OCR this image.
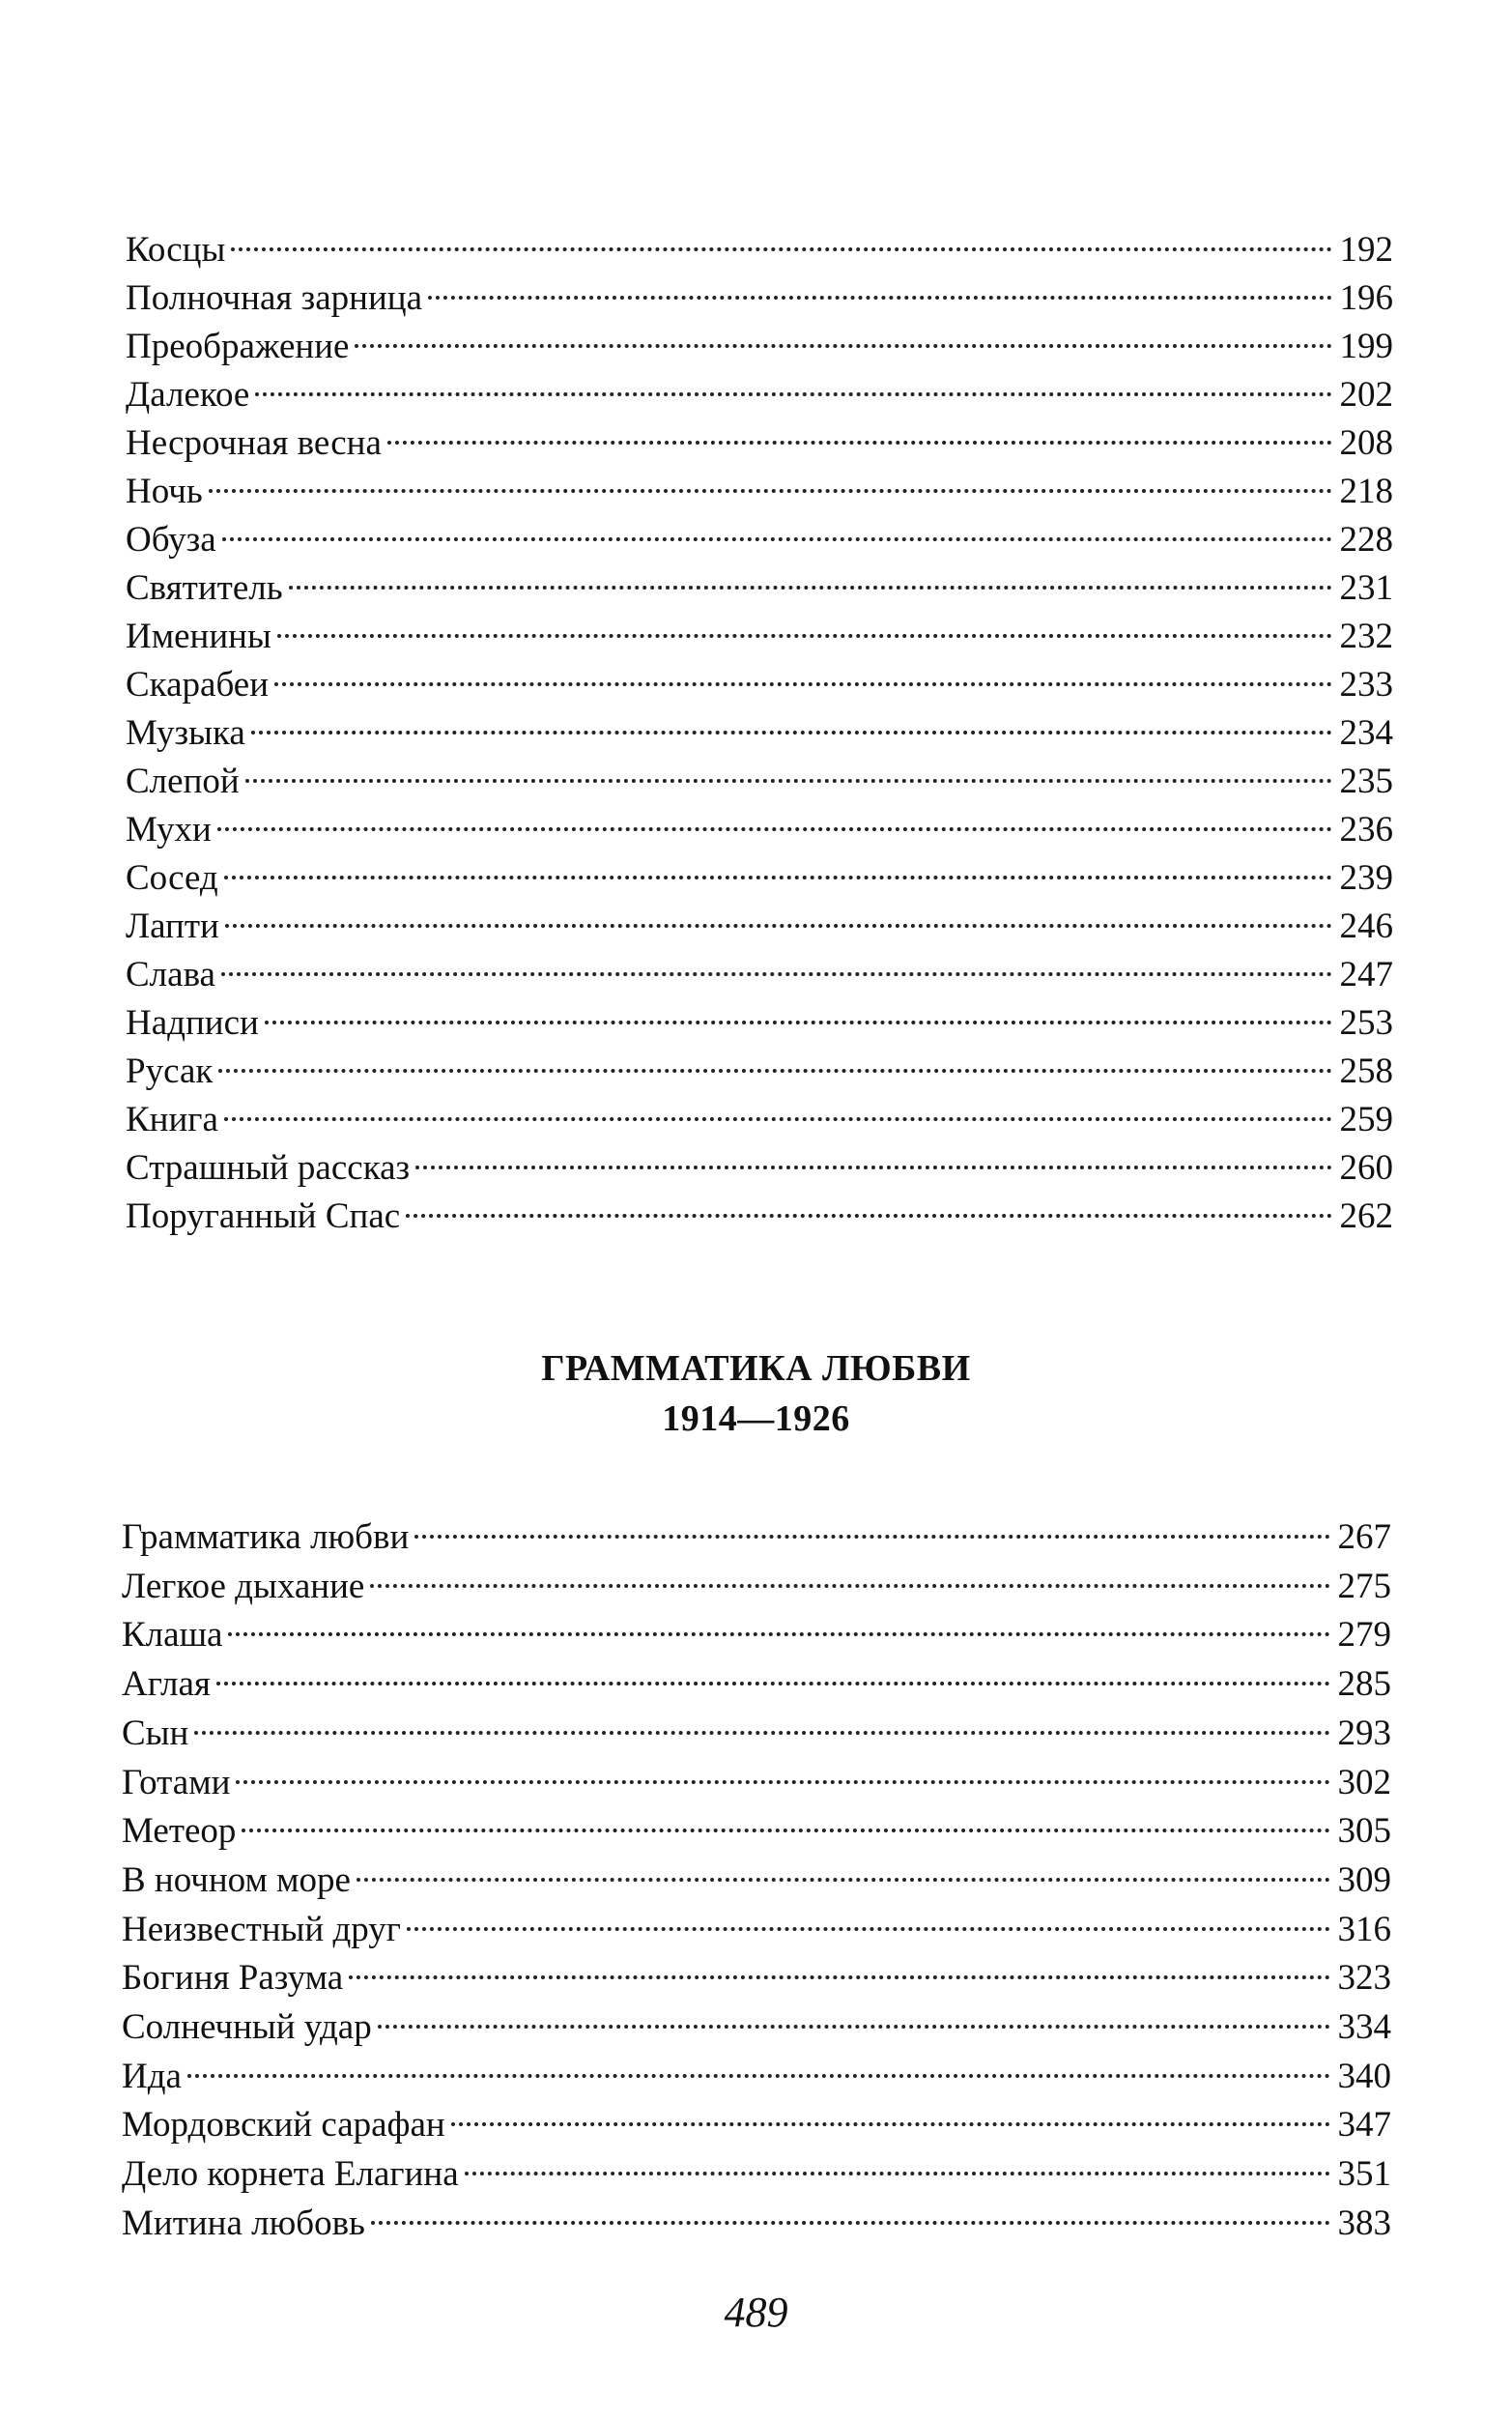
Косцы	192
Полночная зарница	196
Преображение	199
Далекое	202
Несрочная весна	208
Ночь	218
Обуза	228
Святитель	231
Именины	232
Скарабеи	233
Музыка	234
Слепой	235
Мухи	236
Сосед	239
Лапти	246
Слава	247
Надписи	253
Русак	258
Книга	259
Страшный рассказ	260
Поруганный Спас	262
Грамматика любви	267
Легкое дыхание	275
Клаша	279
Аглая	285
Сын	293
Готами	302
Метеор	305
В ночном море	309
Неизвестный друг	316
Богиня Разума	323
Солнечный удар	334
Ида	340
Мордовский сарафан	347
Дело корнета Елагина	351
Митина любовь	383
ГРАММАТИКА ЛЮБВИ
1914—1926
489
